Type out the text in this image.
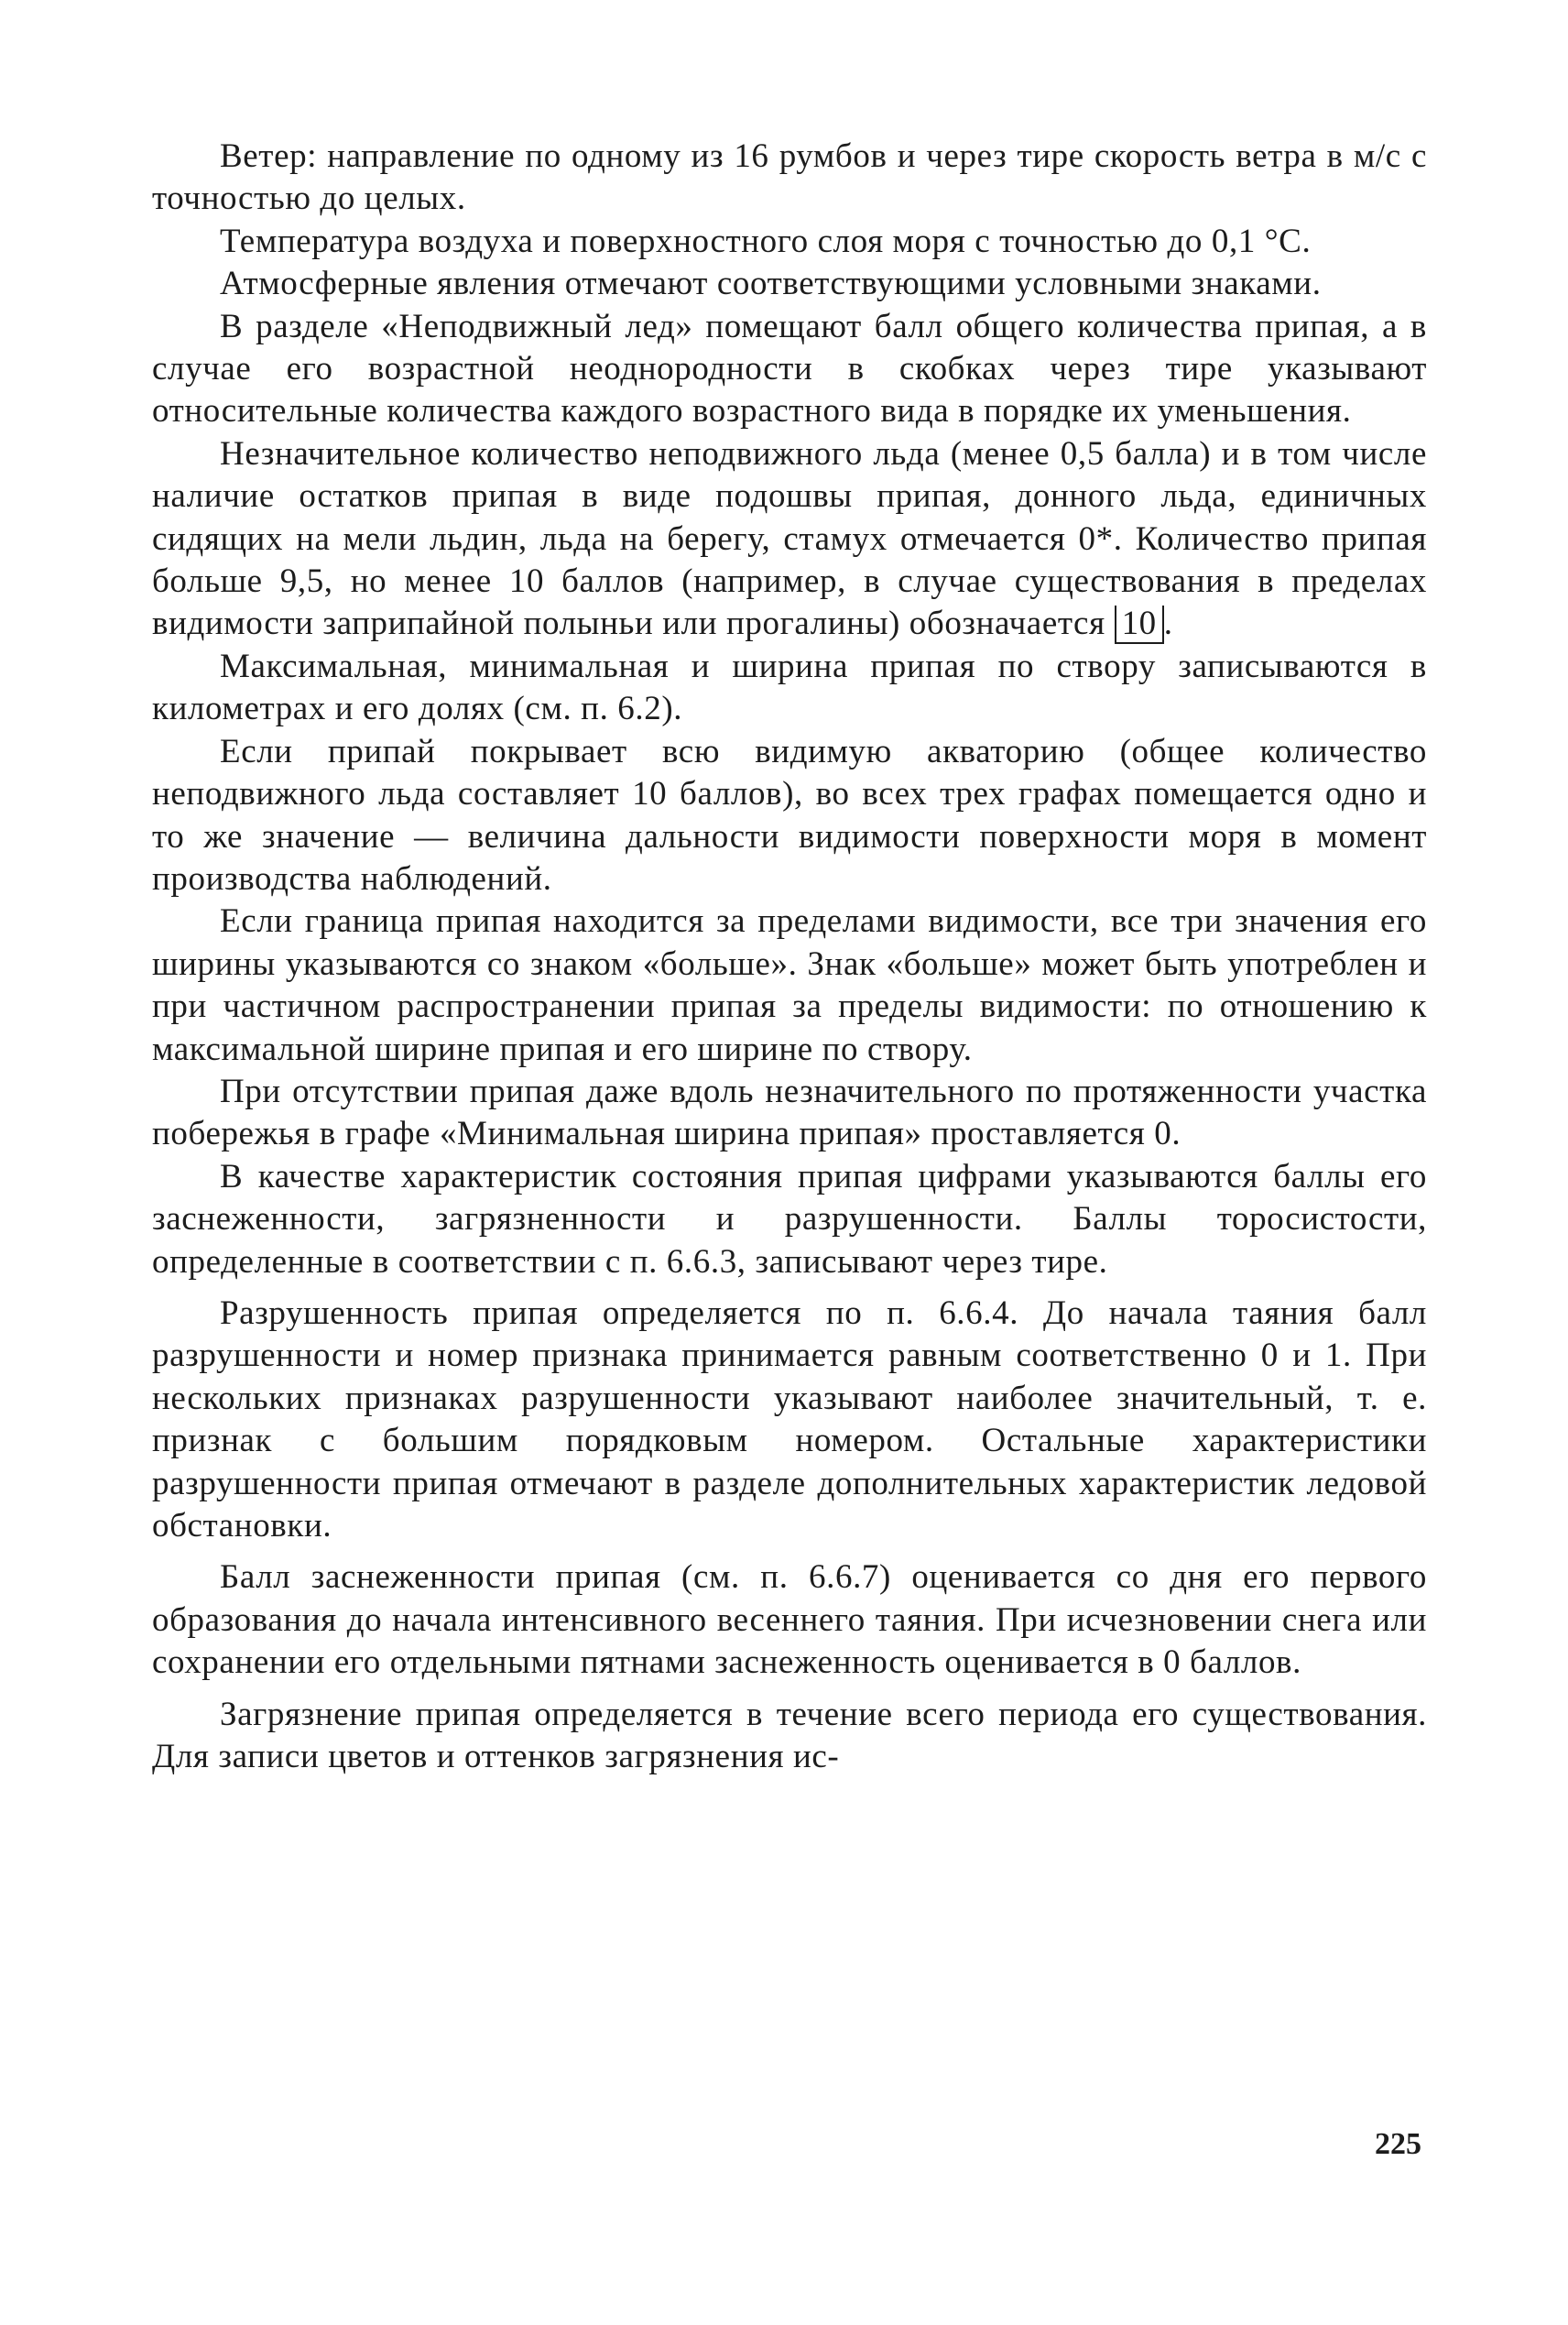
Ветер: направление по одному из 16 румбов и через тире скорость ветра в м/с с точностью до целых.

Температура воздуха и поверхностного слоя моря с точностью до 0,1 °С.

Атмосферные явления отмечают соответствующими условными знаками.

В разделе «Неподвижный лед» помещают балл общего количества припая, а в случае его возрастной неоднородности в скобках через тире указывают относительные количества каждого возрастного вида в порядке их уменьшения.

Незначительное количество неподвижного льда (менее 0,5 балла) и в том числе наличие остатков припая в виде подошвы припая, донного льда, единичных сидящих на мели льдин, льда на берегу, стамух отмечается 0*. Количество припая больше 9,5, но менее 10 баллов (например, в случае существования в пределах видимости заприпайной полыньи или прогалины) обозначается 10 .

Максимальная, минимальная и ширина припая по створу записываются в километрах и его долях (см. п. 6.2).

Если припай покрывает всю видимую акваторию (общее количество неподвижного льда составляет 10 баллов), во всех трех графах помещается одно и то же значение — величина дальности видимости поверхности моря в момент производства наблюдений.

Если граница припая находится за пределами видимости, все три значения его ширины указываются со знаком «больше». Знак «больше» может быть употреблен и при частичном распространении припая за пределы видимости: по отношению к максимальной ширине припая и его ширине по створу.

При отсутствии припая даже вдоль незначительного по протяженности участка побережья в графе «Минимальная ширина припая» проставляется 0.

В качестве характеристик состояния припая цифрами указываются баллы его заснеженности, загрязненности и разрушенности. Баллы торосистости, определенные в соответствии с п. 6.6.3, записывают через тире.

Разрушенность припая определяется по п. 6.6.4. До начала таяния балл разрушенности и номер признака принимается равным соответственно 0 и 1. При нескольких признаках разрушенности указывают наиболее значительный, т. е. признак с большим порядковым номером. Остальные характеристики разрушенности припая отмечают в разделе дополнительных характеристик ледовой обстановки.

Балл заснеженности припая (см. п. 6.6.7) оценивается со дня его первого образования до начала интенсивного весеннего таяния. При исчезновении снега или сохранении его отдельными пятнами заснеженность оценивается в 0 баллов.

Загрязнение припая определяется в течение всего периода его существования. Для записи цветов и оттенков загрязнения ис-

225
